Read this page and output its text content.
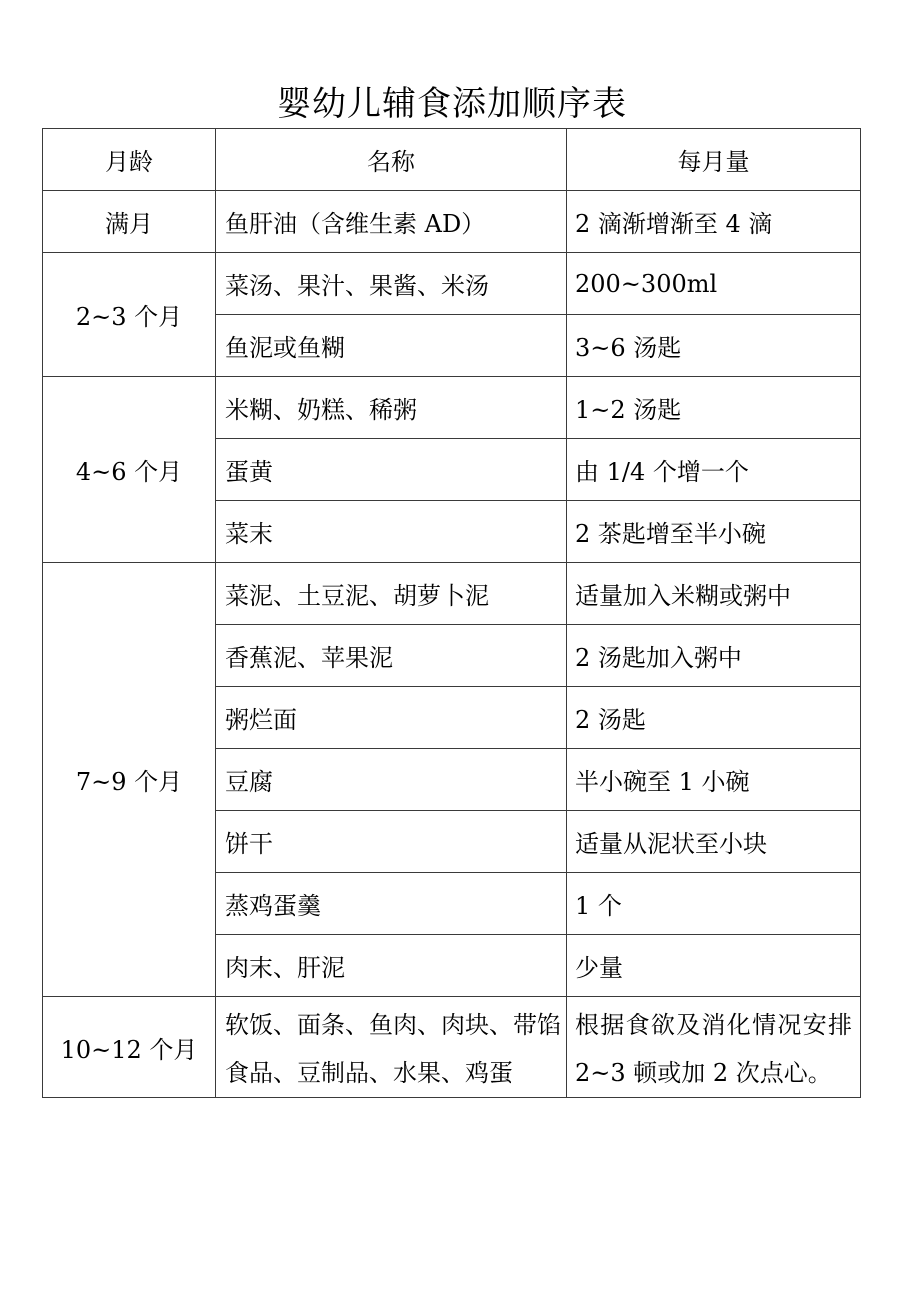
婴幼儿辅食添加顺序表
月龄	名称	每月量
满月	鱼肝油（含维生素 AD）	2 滴渐增渐至 4 滴
2~3 个月	菜汤、果汁、果酱、米汤	200~300ml
	鱼泥或鱼糊	3~6 汤匙
4~6 个月	米糊、奶糕、稀粥	1~2 汤匙
	蛋黄	由 1/4 个增一个
	菜末	2 茶匙增至半小碗
7~9 个月	菜泥、土豆泥、胡萝卜泥	适量加入米糊或粥中
	香蕉泥、苹果泥	2 汤匙加入粥中
	粥烂面	2 汤匙
	豆腐	半小碗至 1 小碗
	饼干	适量从泥状至小块
	蒸鸡蛋羹	1 个
	肉末、肝泥	少量
10~12 个月	软饭、面条、鱼肉、肉块、带馅食品、豆制品、水果、鸡蛋	根据食欲及消化情况安排 2~3 顿或加 2 次点心。
